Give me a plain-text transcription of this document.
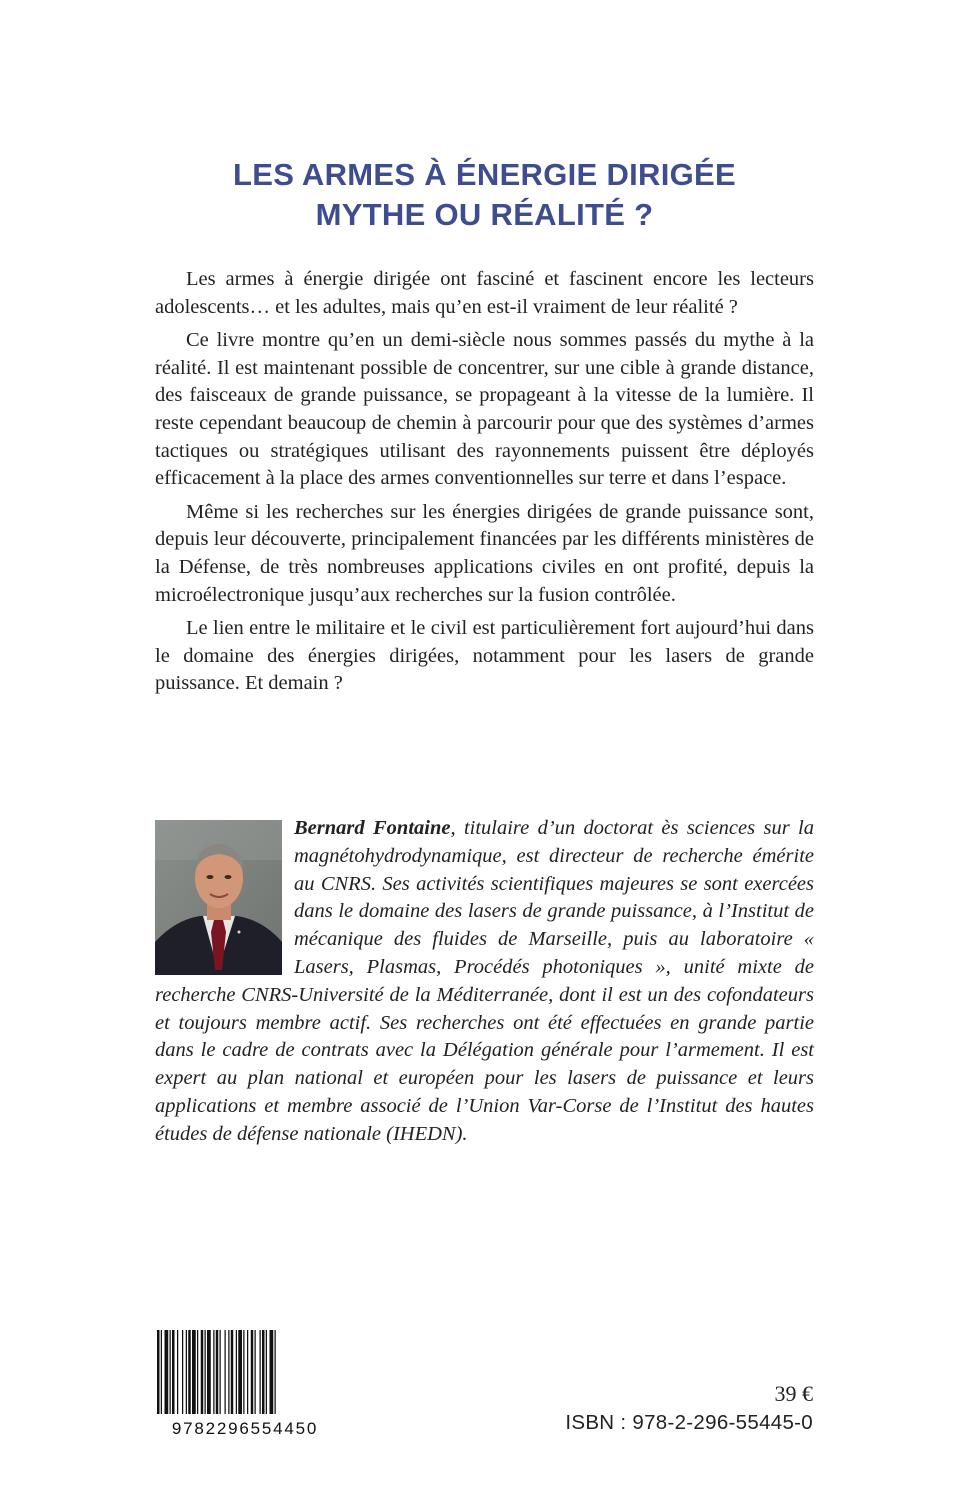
LES ARMES À ÉNERGIE DIRIGÉE
MYTHE OU RÉALITÉ ?

Les armes à énergie dirigée ont fasciné et fascinent encore les lecteurs adolescents… et les adultes, mais qu’en est-il vraiment de leur réalité ?

Ce livre montre qu’en un demi-siècle nous sommes passés du mythe à la réalité. Il est maintenant possible de concentrer, sur une cible à grande distance, des faisceaux de grande puissance, se propageant à la vitesse de la lumière. Il reste cependant beaucoup de chemin à parcourir pour que des systèmes d’armes tactiques ou stratégiques utilisant des rayonnements puissent être déployés efficacement à la place des armes conventionnelles sur terre et dans l’espace.

Même si les recherches sur les énergies dirigées de grande puissance sont, depuis leur découverte, principalement financées par les différents ministères de la Défense, de très nombreuses applications civiles en ont profité, depuis la microélectronique jusqu’aux recherches sur la fusion contrôlée.

Le lien entre le militaire et le civil est particulièrement fort aujourd’hui dans le domaine des énergies dirigées, notamment pour les lasers de grande puissance. Et demain ?

Bernard Fontaine, titulaire d’un doctorat ès sciences sur la magnétohydrodynamique, est directeur de recherche émérite au CNRS. Ses activités scientifiques majeures se sont exercées dans le domaine des lasers de grande puissance, à l’Institut de mécanique des fluides de Marseille, puis au laboratoire « Lasers, Plasmas, Procédés photoniques », unité mixte de recherche CNRS-Université de la Méditerranée, dont il est un des cofondateurs et toujours membre actif. Ses recherches ont été effectuées en grande partie dans le cadre de contrats avec la Délégation générale pour l’armement. Il est expert au plan national et européen pour les lasers de puissance et leurs applications et membre associé de l’Union Var-Corse de l’Institut des hautes études de défense nationale (IHEDN).
9782296554450
39 €
ISBN : 978-2-296-55445-0
